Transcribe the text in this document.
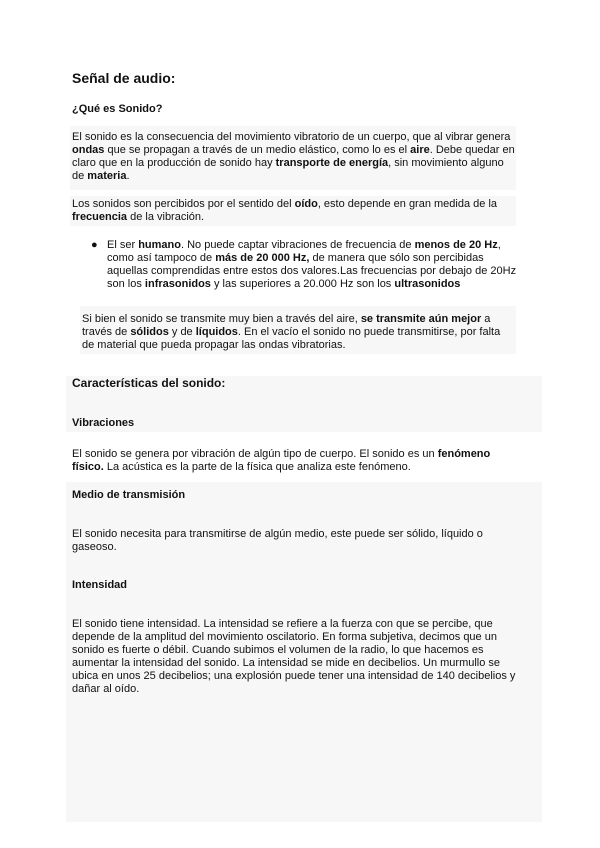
Señal de audio:
¿Qué es Sonido?
El sonido es la consecuencia del movimiento vibratorio de un cuerpo, que al vibrar genera ondas que se propagan a través de un medio elástico, como lo es el aire. Debe quedar en claro que en la producción de sonido hay transporte de energía, sin movimiento alguno de materia.
Los sonidos son percibidos por el sentido del oído, esto depende en gran medida de la frecuencia de la vibración.
● El ser humano. No puede captar vibraciones de frecuencia de menos de 20 Hz, como así tampoco de más de 20 000 Hz, de manera que sólo son percibidas aquellas comprendidas entre estos dos valores.Las frecuencias por debajo de 20Hz son los infrasonidos y las superiores a 20.000 Hz son los ultrasonidos
Si bien el sonido se transmite muy bien a través del aire, se transmite aún mejor a través de sólidos y de líquidos. En el vacío el sonido no puede transmitirse, por falta de material que pueda propagar las ondas vibratorias.
Características del sonido:
Vibraciones
El sonido se genera por vibración de algún tipo de cuerpo. El sonido es un fenómeno físico. La acústica es la parte de la física que analiza este fenómeno.
Medio de transmisión
El sonido necesita para transmitirse de algún medio, este puede ser sólido, líquido o gaseoso.
Intensidad
El sonido tiene intensidad. La intensidad se refiere a la fuerza con que se percibe, que depende de la amplitud del movimiento oscilatorio. En forma subjetiva, decimos que un sonido es fuerte o débil. Cuando subimos el volumen de la radio, lo que hacemos es aumentar la intensidad del sonido. La intensidad se mide en decibelios. Un murmullo se ubica en unos 25 decibelios; una explosión puede tener una intensidad de 140 decibelios y dañar al oído.
